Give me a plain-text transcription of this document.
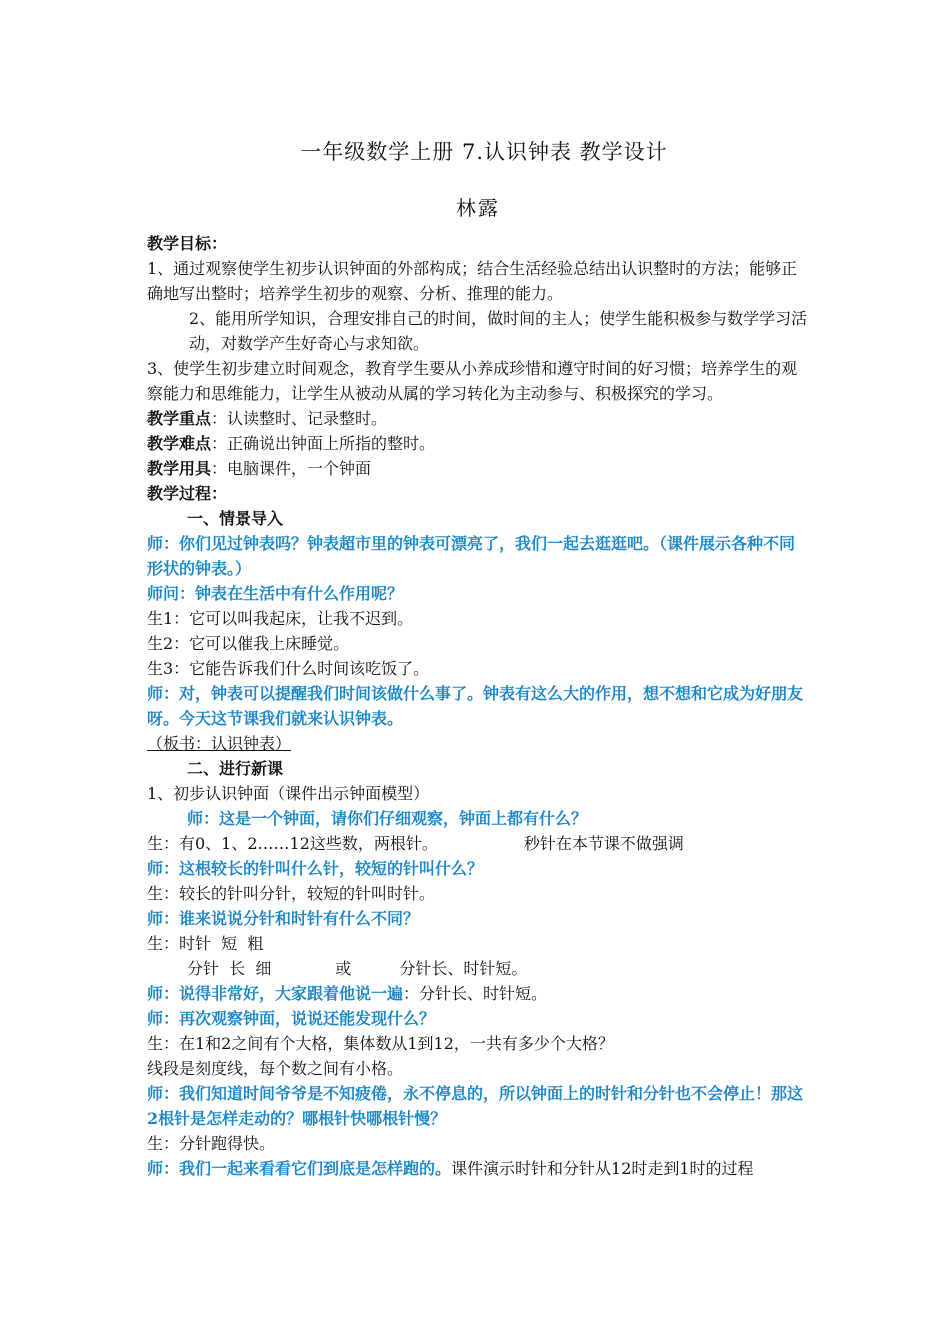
一年级数学上册 7.认识钟表 教学设计
林露

教学目标：

1、通过观察使学生初步认识钟面的外部构成；结合生活经验总结出认识整时的方法；能够正确地写出整时；培养学生初步的观察、分析、推理的能力。

2、能用所学知识，合理安排自己的时间，做时间的主人；使学生能积极参与数学学习活动，对数学产生好奇心与求知欲。

3、使学生初步建立时间观念，教育学生要从小养成珍惜和遵守时间的好习惯；培养学生的观察能力和思维能力，让学生从被动从属的学习转化为主动参与、积极探究的学习。

教学重点：认读整时、记录整时。

教学难点：正确说出钟面上所指的整时。

教学用具：电脑课件，一个钟面

教学过程：

一、情景导入

师：你们见过钟表吗？钟表超市里的钟表可漂亮了，我们一起去逛逛吧。（课件展示各种不同形状的钟表。）

师问：钟表在生活中有什么作用呢？

生1：它可以叫我起床，让我不迟到。

生2：它可以催我上床睡觉。

生3：它能告诉我们什么时间该吃饭了。

师：对，钟表可以提醒我们时间该做什么事了。钟表有这么大的作用，想不想和它成为好朋友呀。今天这节课我们就来认识钟表。

（板书：认识钟表）

二、进行新课

1、初步认识钟面（课件出示钟面模型）

师：这是一个钟面，请你们仔细观察，钟面上都有什么？

生：有0、1、2……12这些数，两根针。	秒针在本节课不做强调

师：这根较长的针叫什么针，较短的针叫什么？

生：较长的针叫分针，较短的针叫时针。

师：谁来说说分针和时针有什么不同？

生：时针  短  粗

分针  长  细	或	分针长、时针短。

师：说得非常好，大家跟着他说一遍：分针长、时针短。

师：再次观察钟面，说说还能发现什么？

生：在1和2之间有个大格，集体数从1到12，一共有多少个大格？

线段是刻度线，每个数之间有小格。

师：我们知道时间爷爷是不知疲倦，永不停息的，所以钟面上的时针和分针也不会停止！那这2根针是怎样走动的？哪根针快哪根针慢？

生：分针跑得快。

师：我们一起来看看它们到底是怎样跑的。课件演示时针和分针从12时走到1时的过程
